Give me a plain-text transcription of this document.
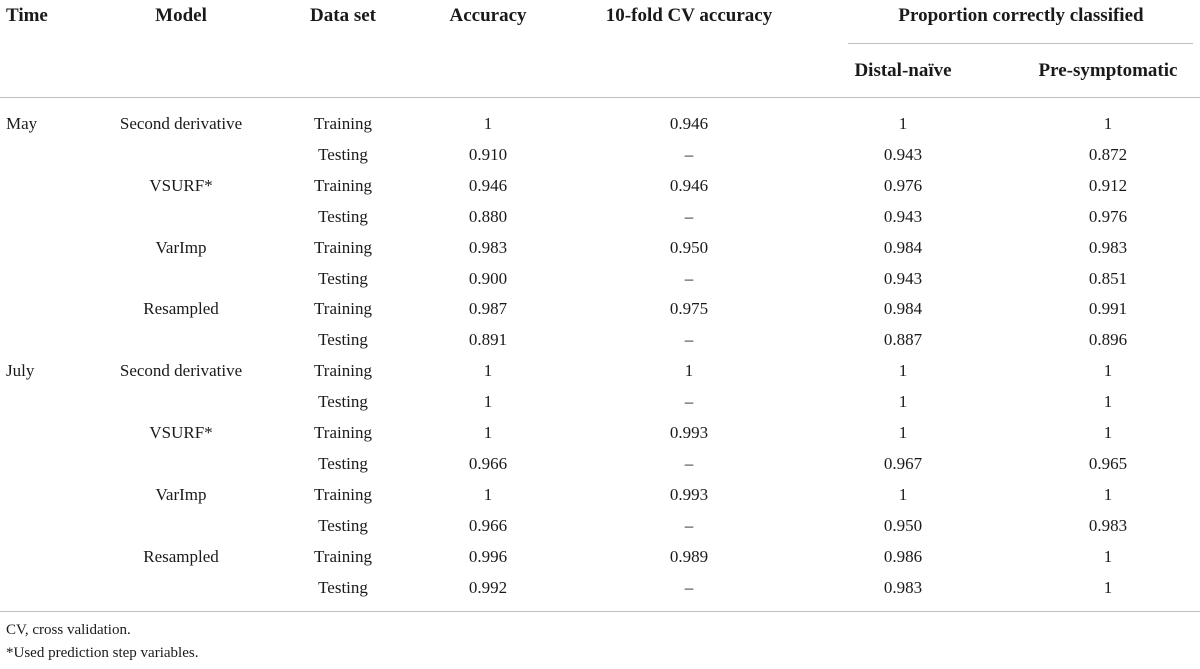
Time	Model	Data set	Accuracy	10-fold CV accuracy	Proportion correctly classified
Distal-naïve	Pre-symptomatic
May	Second derivative	Training	1	0.946	1	1
Testing	0.910	–	0.943	0.872
VSURF*	Training	0.946	0.946	0.976	0.912
Testing	0.880	–	0.943	0.976
VarImp	Training	0.983	0.950	0.984	0.983
Testing	0.900	–	0.943	0.851
Resampled	Training	0.987	0.975	0.984	0.991
Testing	0.891	–	0.887	0.896
July	Second derivative	Training	1	1	1	1
Testing	1	–	1	1
VSURF*	Training	1	0.993	1	1
Testing	0.966	–	0.967	0.965
VarImp	Training	1	0.993	1	1
Testing	0.966	–	0.950	0.983
Resampled	Training	0.996	0.989	0.986	1
Testing	0.992	–	0.983	1
CV, cross validation.
*Used prediction step variables.
